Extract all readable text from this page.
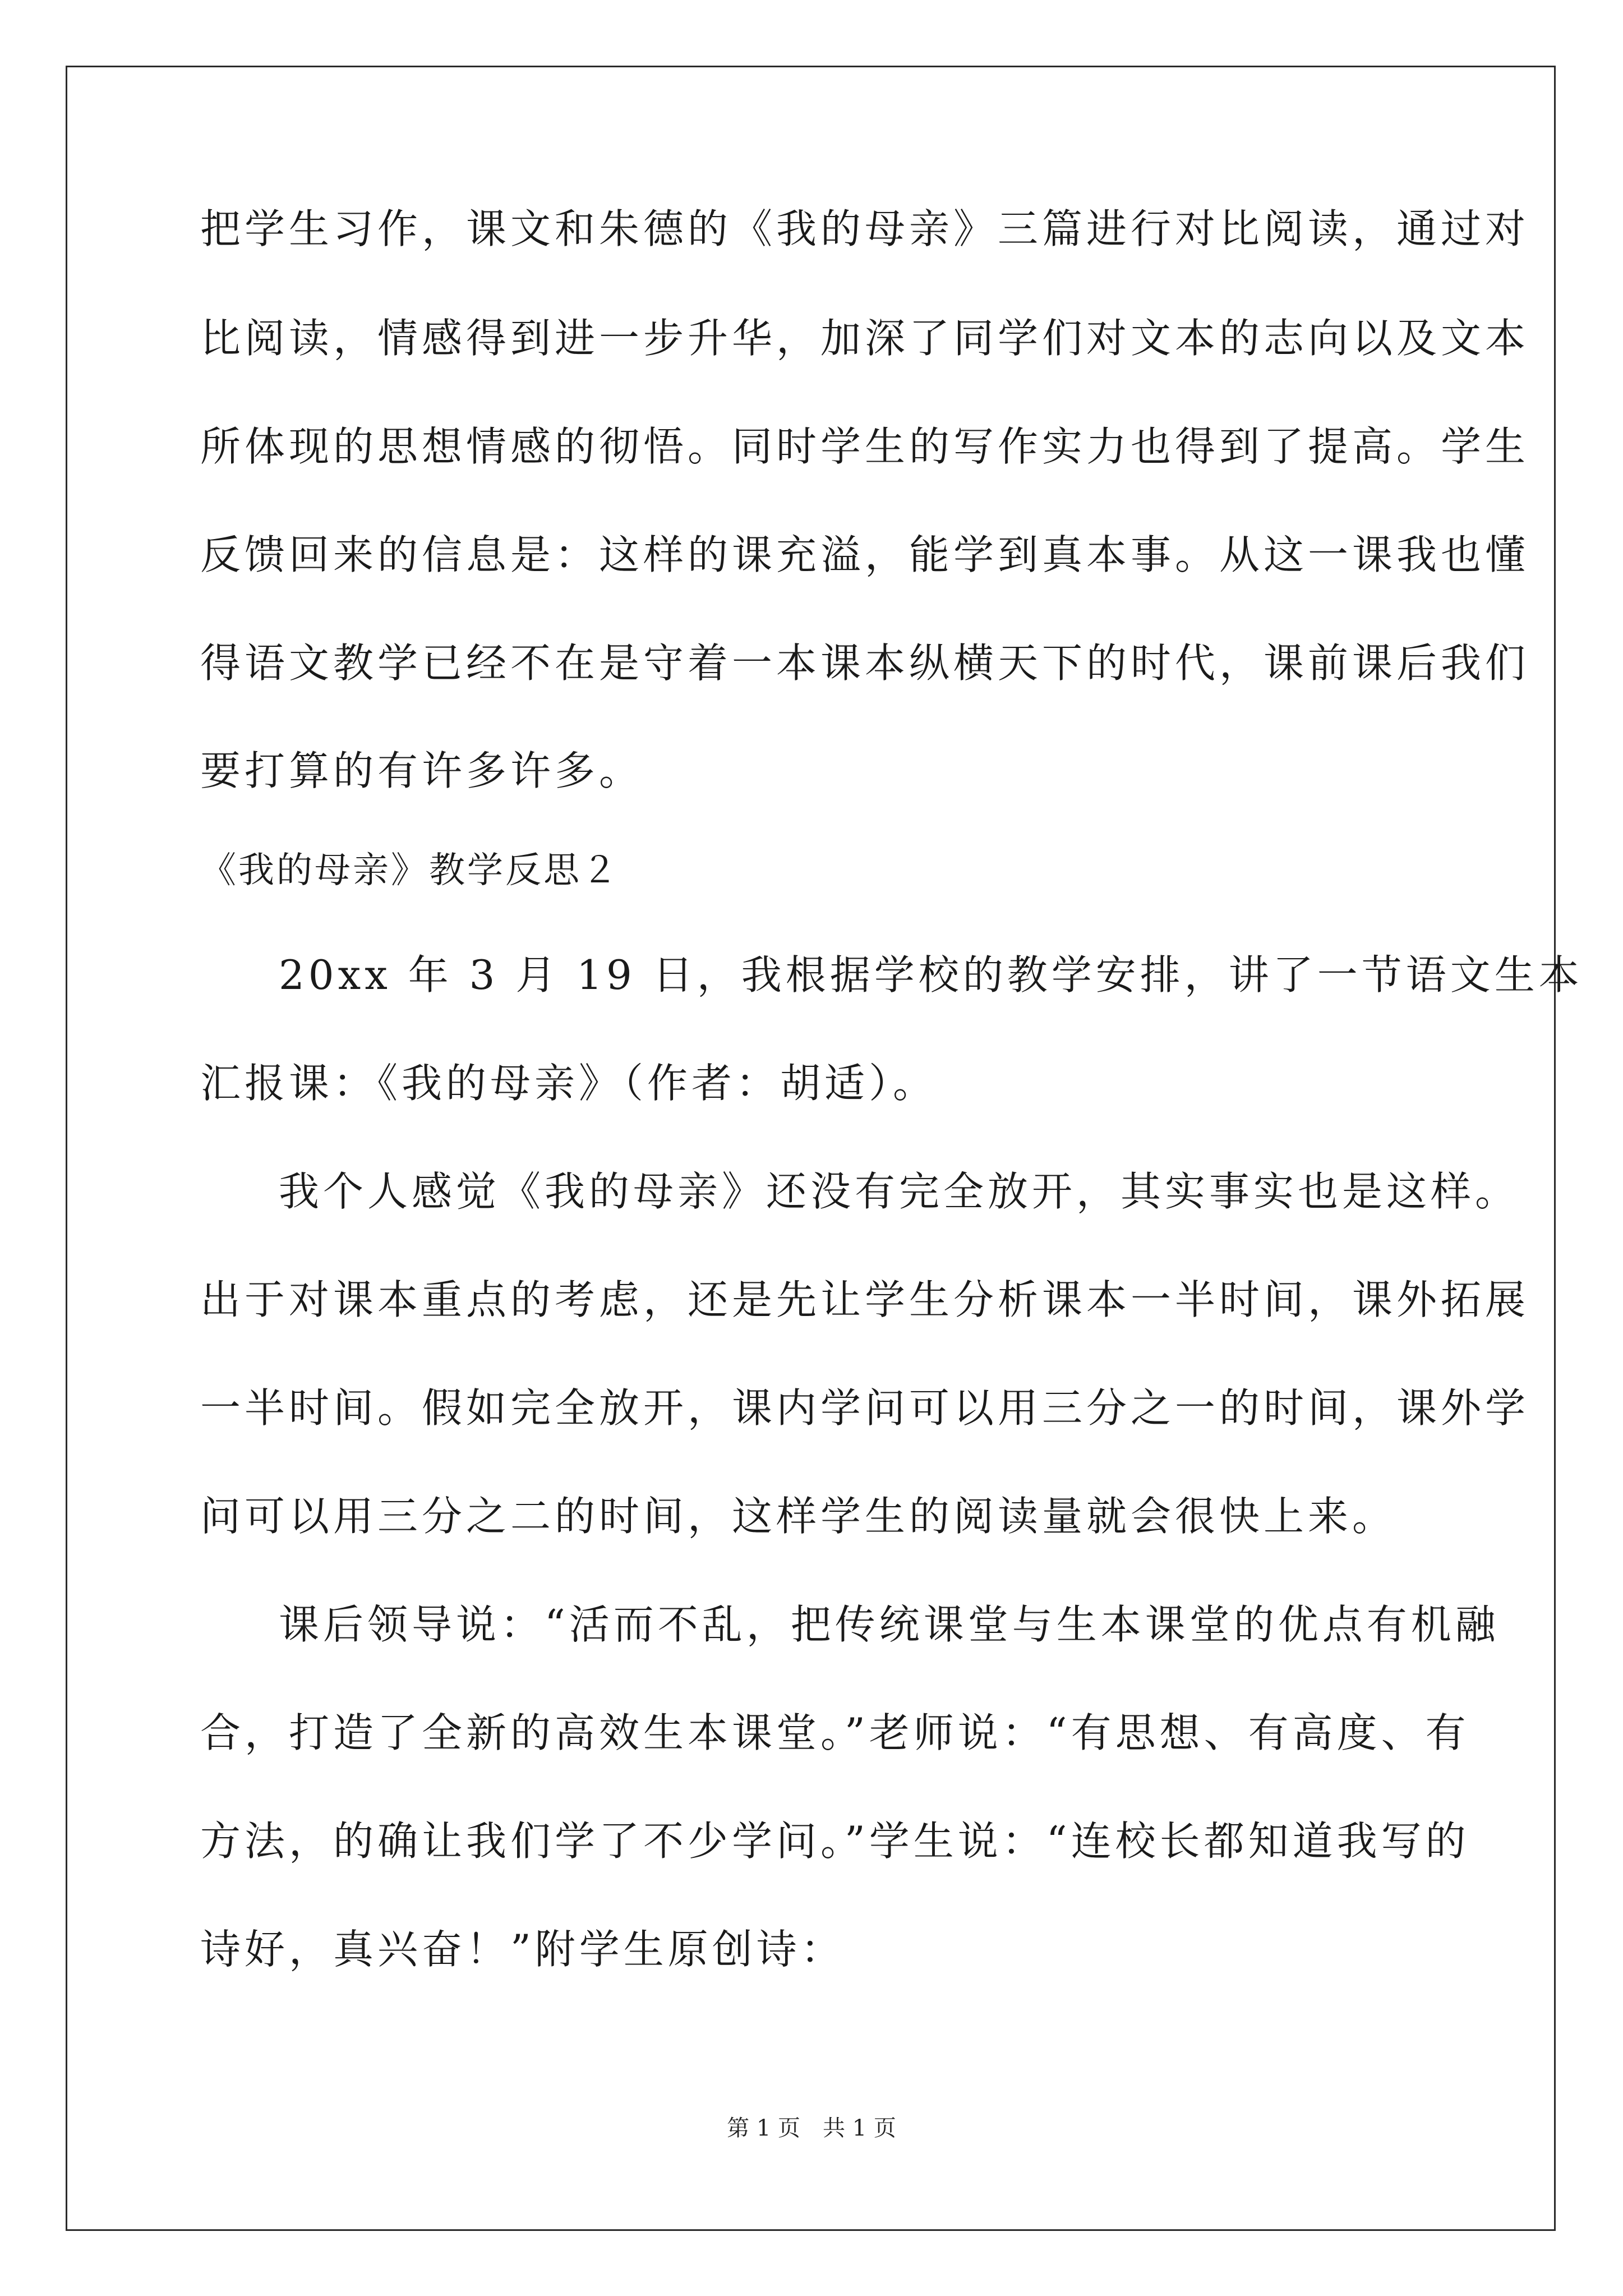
把学生习作，课文和朱德的《我的母亲》三篇进行对比阅读，通过对
比阅读，情感得到进一步升华，加深了同学们对文本的志向以及文本
所体现的思想情感的彻悟。同时学生的写作实力也得到了提高。学生
反馈回来的信息是：这样的课充溢，能学到真本事。从这一课我也懂
得语文教学已经不在是守着一本课本纵横天下的时代，课前课后我们
要打算的有许多许多。
《我的母亲》教学反思２
20xx 年 3 月 19 日，我根据学校的教学安排，讲了一节语文生本
汇报课：《我的母亲》（作者：胡适）。
我个人感觉《我的母亲》还没有完全放开，其实事实也是这样。
出于对课本重点的考虑，还是先让学生分析课本一半时间，课外拓展
一半时间。假如完全放开，课内学问可以用三分之一的时间，课外学
问可以用三分之二的时间，这样学生的阅读量就会很快上来。
课后领导说：“活而不乱，把传统课堂与生本课堂的优点有机融
合，打造了全新的高效生本课堂。”老师说：“有思想、有高度、有
方法，的确让我们学了不少学问。”学生说：“连校长都知道我写的
诗好，真兴奋！”附学生原创诗：
第 1 页　共 1 页
